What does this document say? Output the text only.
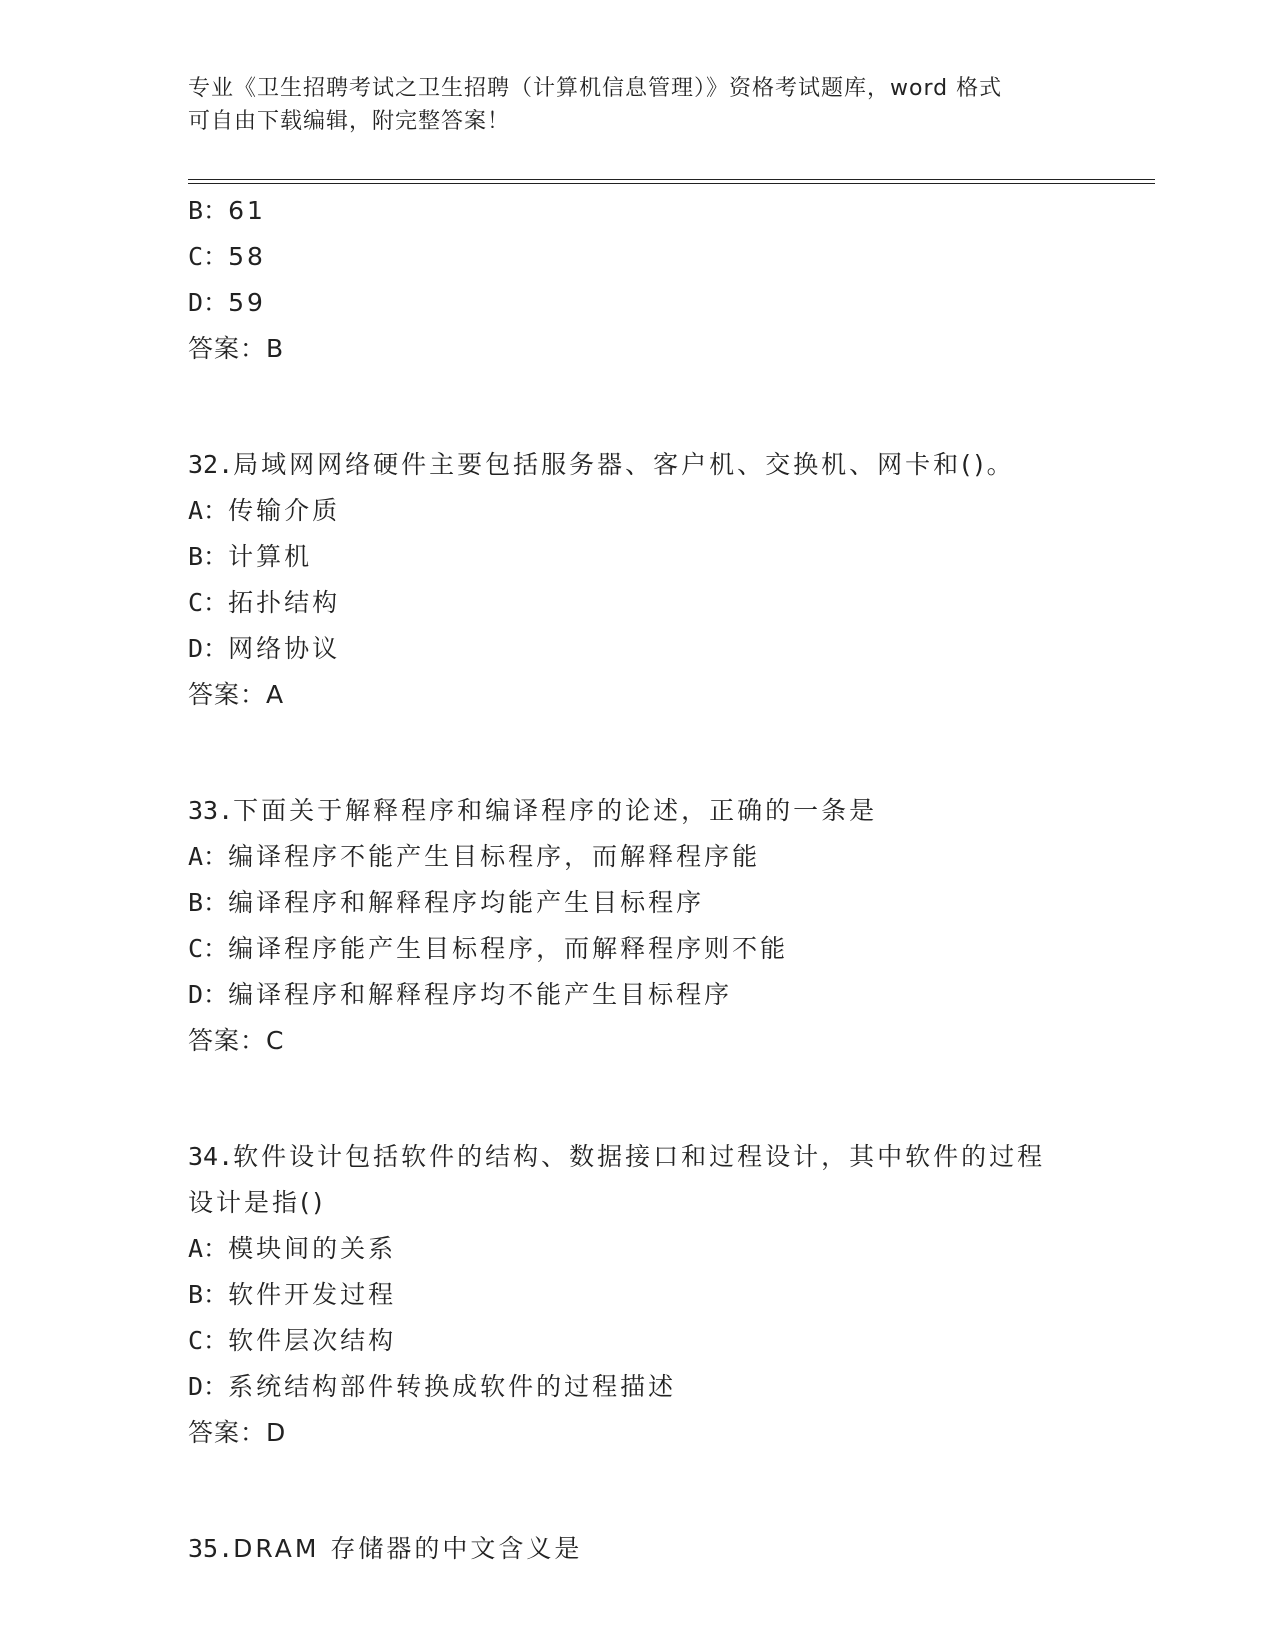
专业《卫生招聘考试之卫生招聘（计算机信息管理）》资格考试题库，word 格式
可自由下载编辑，附完整答案！
B：61
C：58
D：59
答案：B
32.局域网网络硬件主要包括服务器、客户机、交换机、网卡和()。
A：传输介质
B：计算机
C：拓扑结构
D：网络协议
答案：A
33.下面关于解释程序和编译程序的论述，正确的一条是
A：编译程序不能产生目标程序，而解释程序能
B：编译程序和解释程序均能产生目标程序
C：编译程序能产生目标程序，而解释程序则不能
D：编译程序和解释程序均不能产生目标程序
答案：C
34.软件设计包括软件的结构、数据接口和过程设计，其中软件的过程
设计是指()
A：模块间的关系
B：软件开发过程
C：软件层次结构
D：系统结构部件转换成软件的过程描述
答案：D
35.DRAM 存储器的中文含义是
